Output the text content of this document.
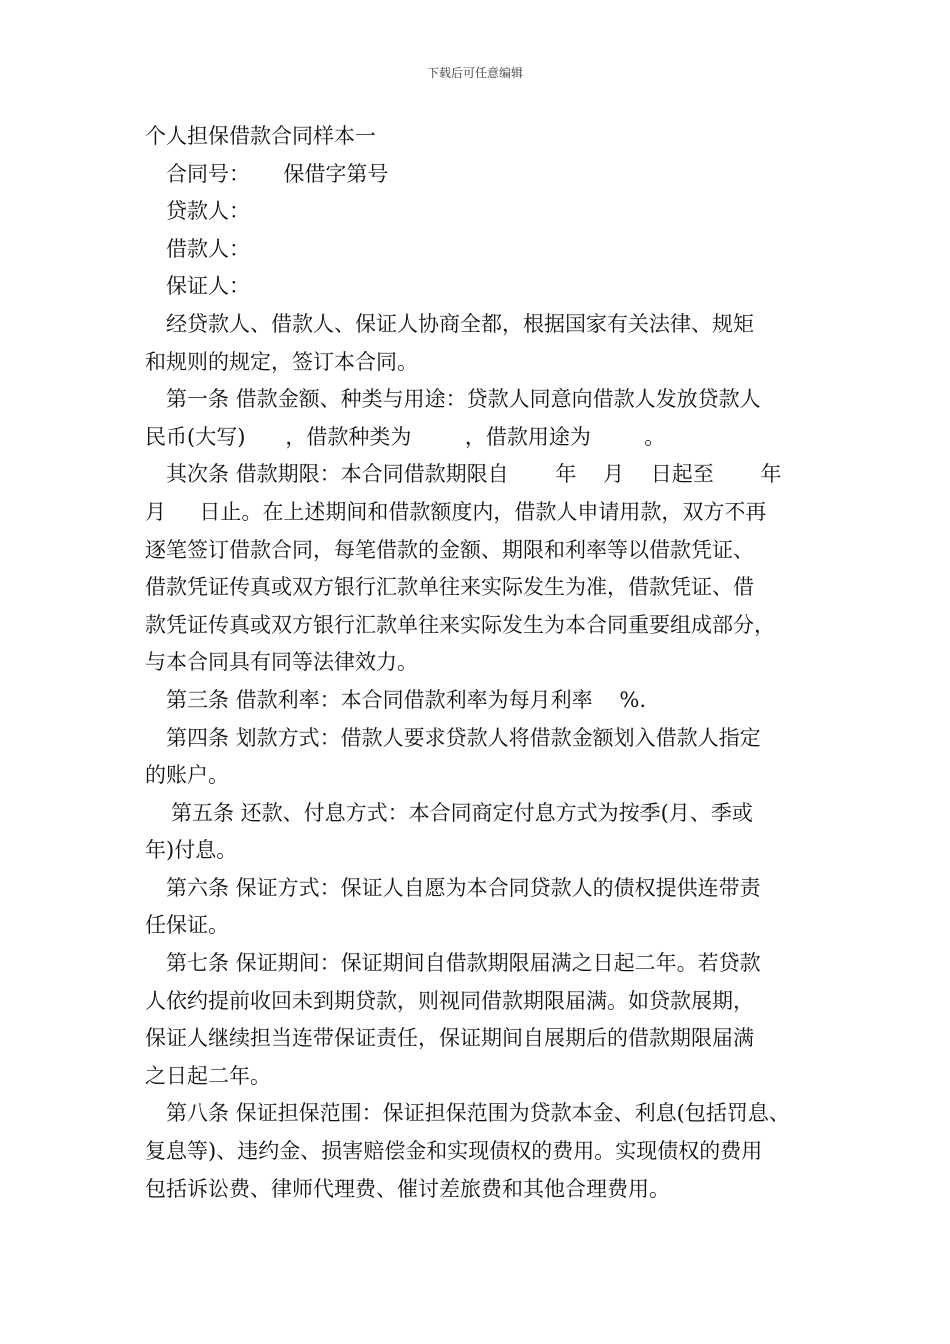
下载后可任意编辑
个人担保借款合同样本一
合同号：     保借字第号
贷款人：
借款人：
保证人：
经贷款人、借款人、保证人协商全都，根据国家有关法律、规矩
和规则的规定，签订本合同。
第一条 借款金额、种类与用途：贷款人同意向借款人发放贷款人
民币(大写)      ，借款种类为        ，借款用途为        。
其次条 借款期限：本合同借款期限自       年    月    日起至       年
月     日止。在上述期间和借款额度内，借款人申请用款，双方不再
逐笔签订借款合同，每笔借款的金额、期限和利率等以借款凭证、
借款凭证传真或双方银行汇款单往来实际发生为准，借款凭证、借
款凭证传真或双方银行汇款单往来实际发生为本合同重要组成部分，
与本合同具有同等法律效力。
第三条 借款利率：本合同借款利率为每月利率    %.
第四条 划款方式：借款人要求贷款人将借款金额划入借款人指定
的账户。
第五条 还款、付息方式：本合同商定付息方式为按季(月、季或
年)付息。
第六条 保证方式：保证人自愿为本合同贷款人的债权提供连带责
任保证。
第七条 保证期间：保证期间自借款期限届满之日起二年。若贷款
人依约提前收回未到期贷款，则视同借款期限届满。如贷款展期，
保证人继续担当连带保证责任，保证期间自展期后的借款期限届满
之日起二年。
第八条 保证担保范围：保证担保范围为贷款本金、利息(包括罚息、
复息等)、违约金、损害赔偿金和实现债权的费用。实现债权的费用
包括诉讼费、律师代理费、催讨差旅费和其他合理费用。
